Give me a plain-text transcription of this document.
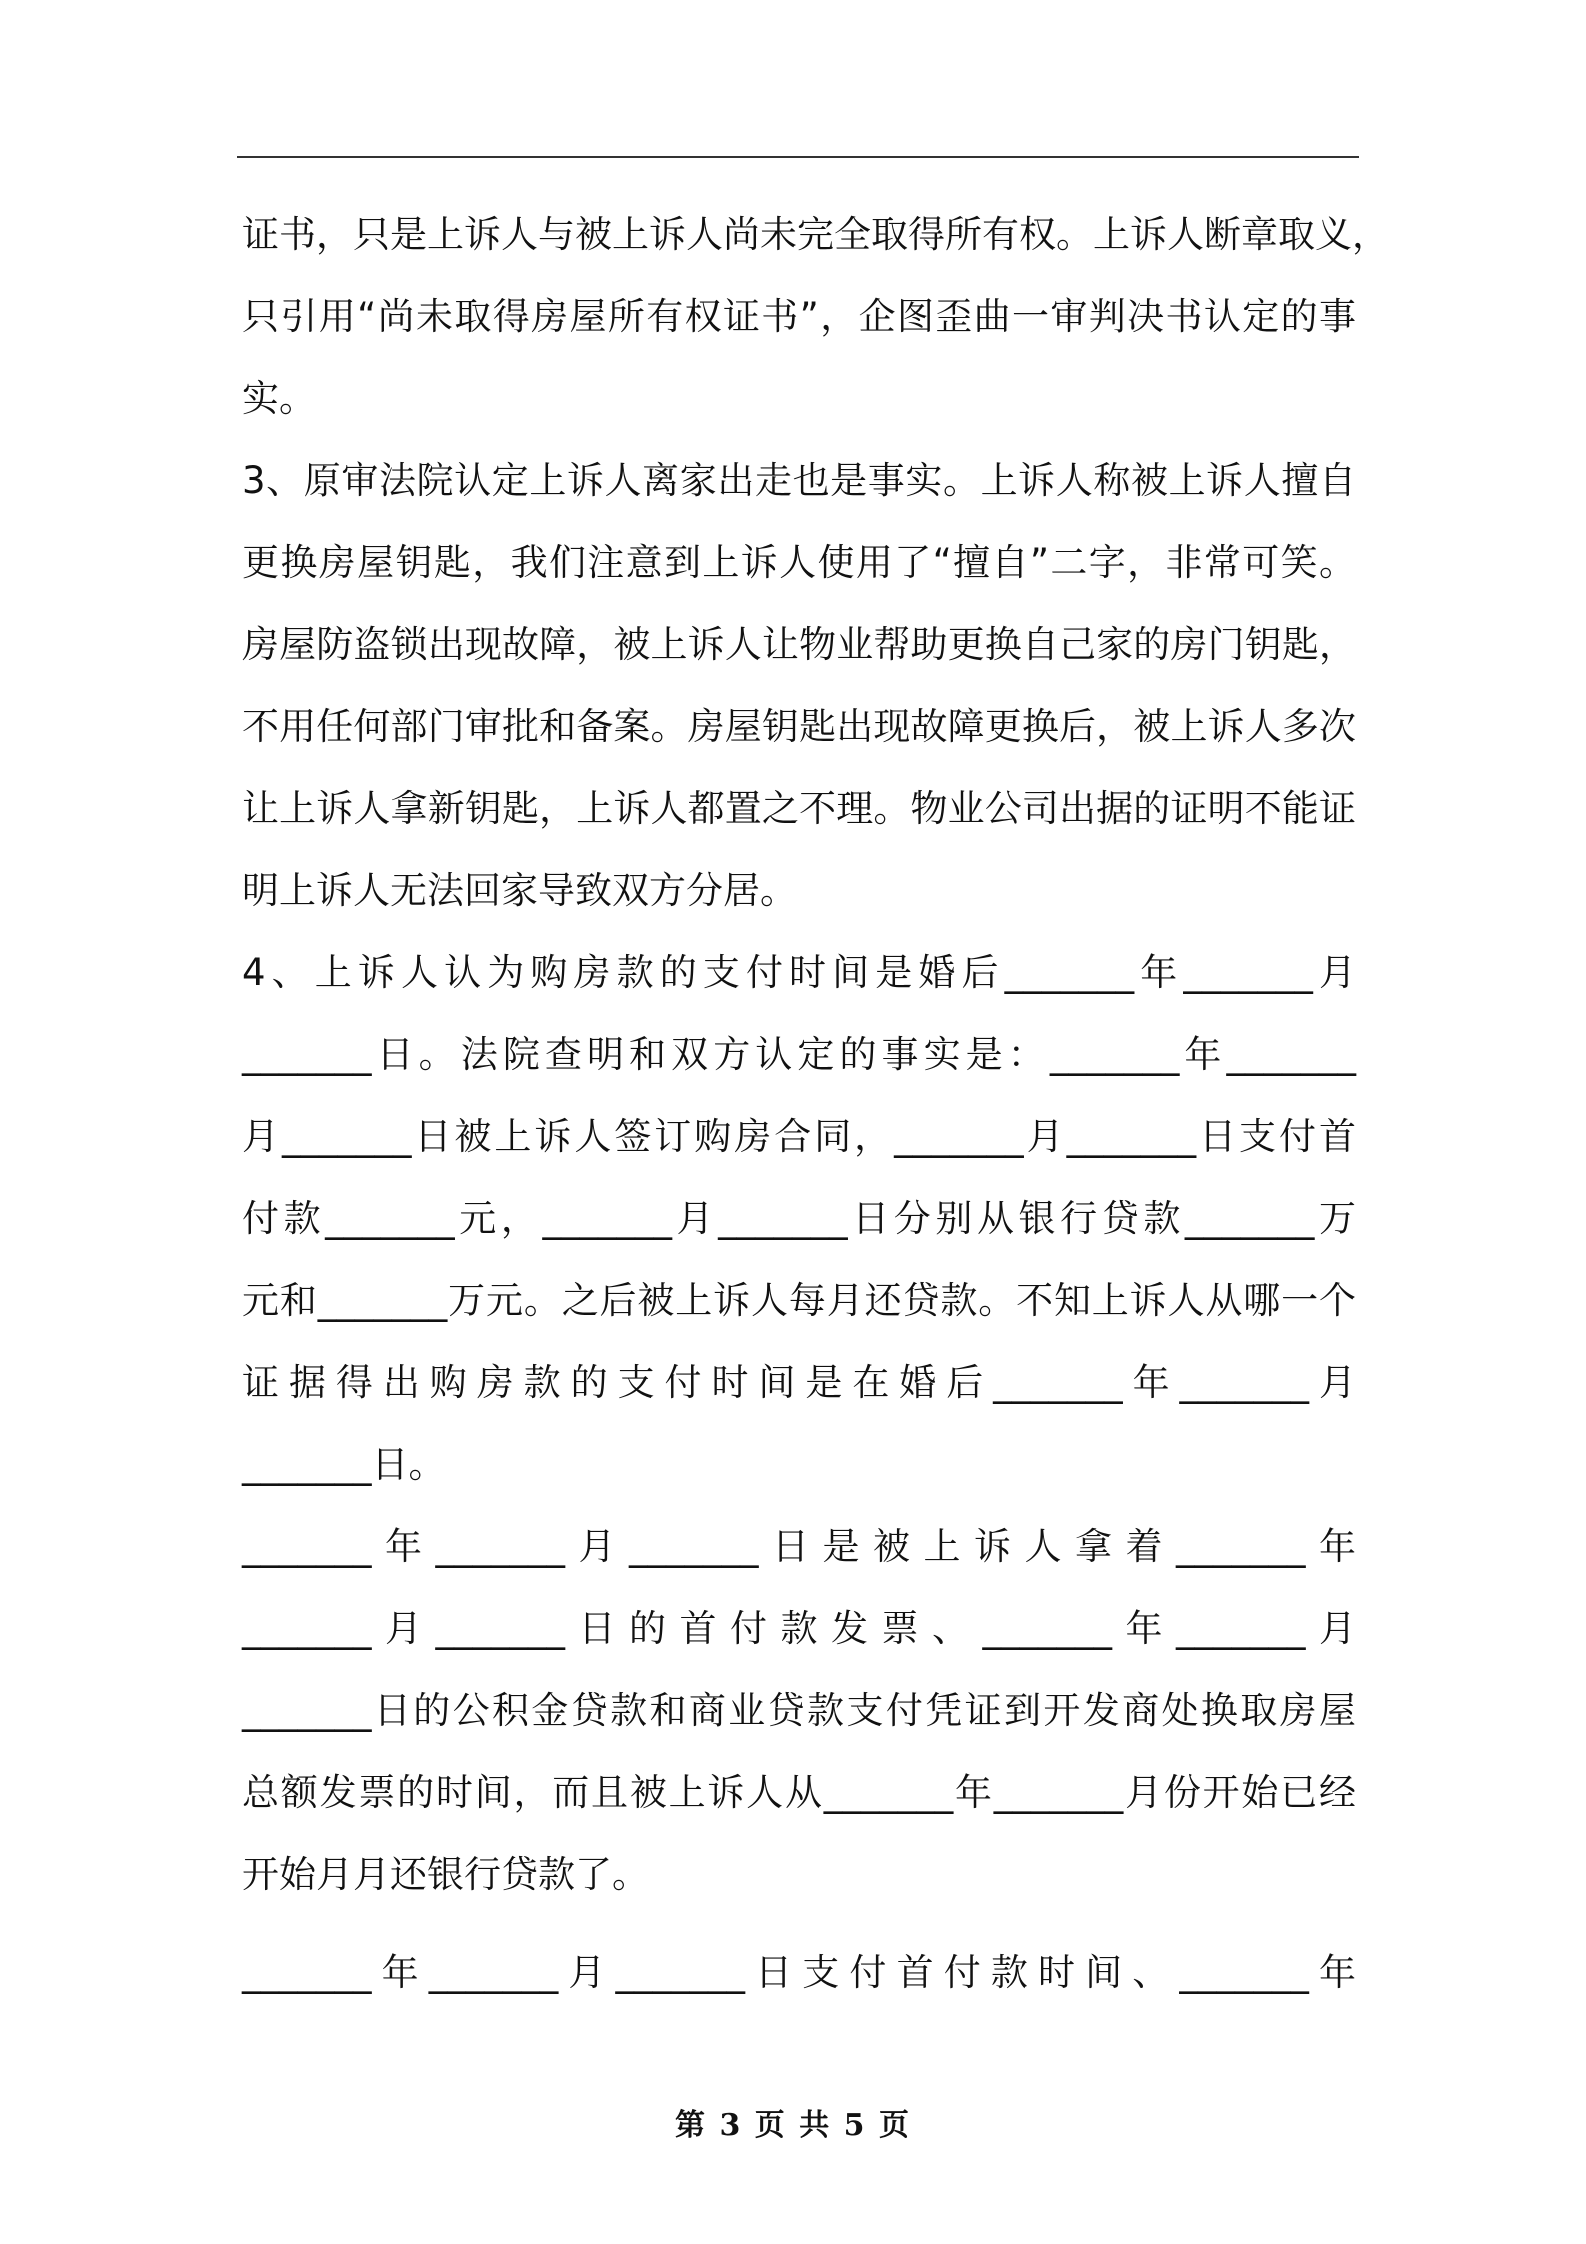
证书，只是上诉人与被上诉人尚未完全取得所有权。上诉人断章取义，
只引用“尚未取得房屋所有权证书”，企图歪曲一审判决书认定的事
实。
3、原审法院认定上诉人离家出走也是事实。上诉人称被上诉人擅自
更换房屋钥匙，我们注意到上诉人使用了“擅自”二字，非常可笑。
房屋防盗锁出现故障，被上诉人让物业帮助更换自己家的房门钥匙，
不用任何部门审批和备案。房屋钥匙出现故障更换后，被上诉人多次
让上诉人拿新钥匙，上诉人都置之不理。物业公司出据的证明不能证
明上诉人无法回家导致双方分居。
4、上诉人认为购房款的支付时间是婚后_______年_______月
_______日。法院查明和双方认定的事实是：_______年_______
月_______日被上诉人签订购房合同，_______月_______日支付首
付款_______元，_______月_______日分别从银行贷款_______万
元和_______万元。之后被上诉人每月还贷款。不知上诉人从哪一个
证据得出购房款的支付时间是在婚后_______年_______月
_______日。
_______年_______月_______日是被上诉人拿着_______年
_______月_______日的首付款发票、_______年_______月
_______日的公积金贷款和商业贷款支付凭证到开发商处换取房屋
总额发票的时间，而且被上诉人从_______年_______月份开始已经
开始月月还银行贷款了。
_______年_______月_______日支付首付款时间、_______年
第 3 页 共 5 页
